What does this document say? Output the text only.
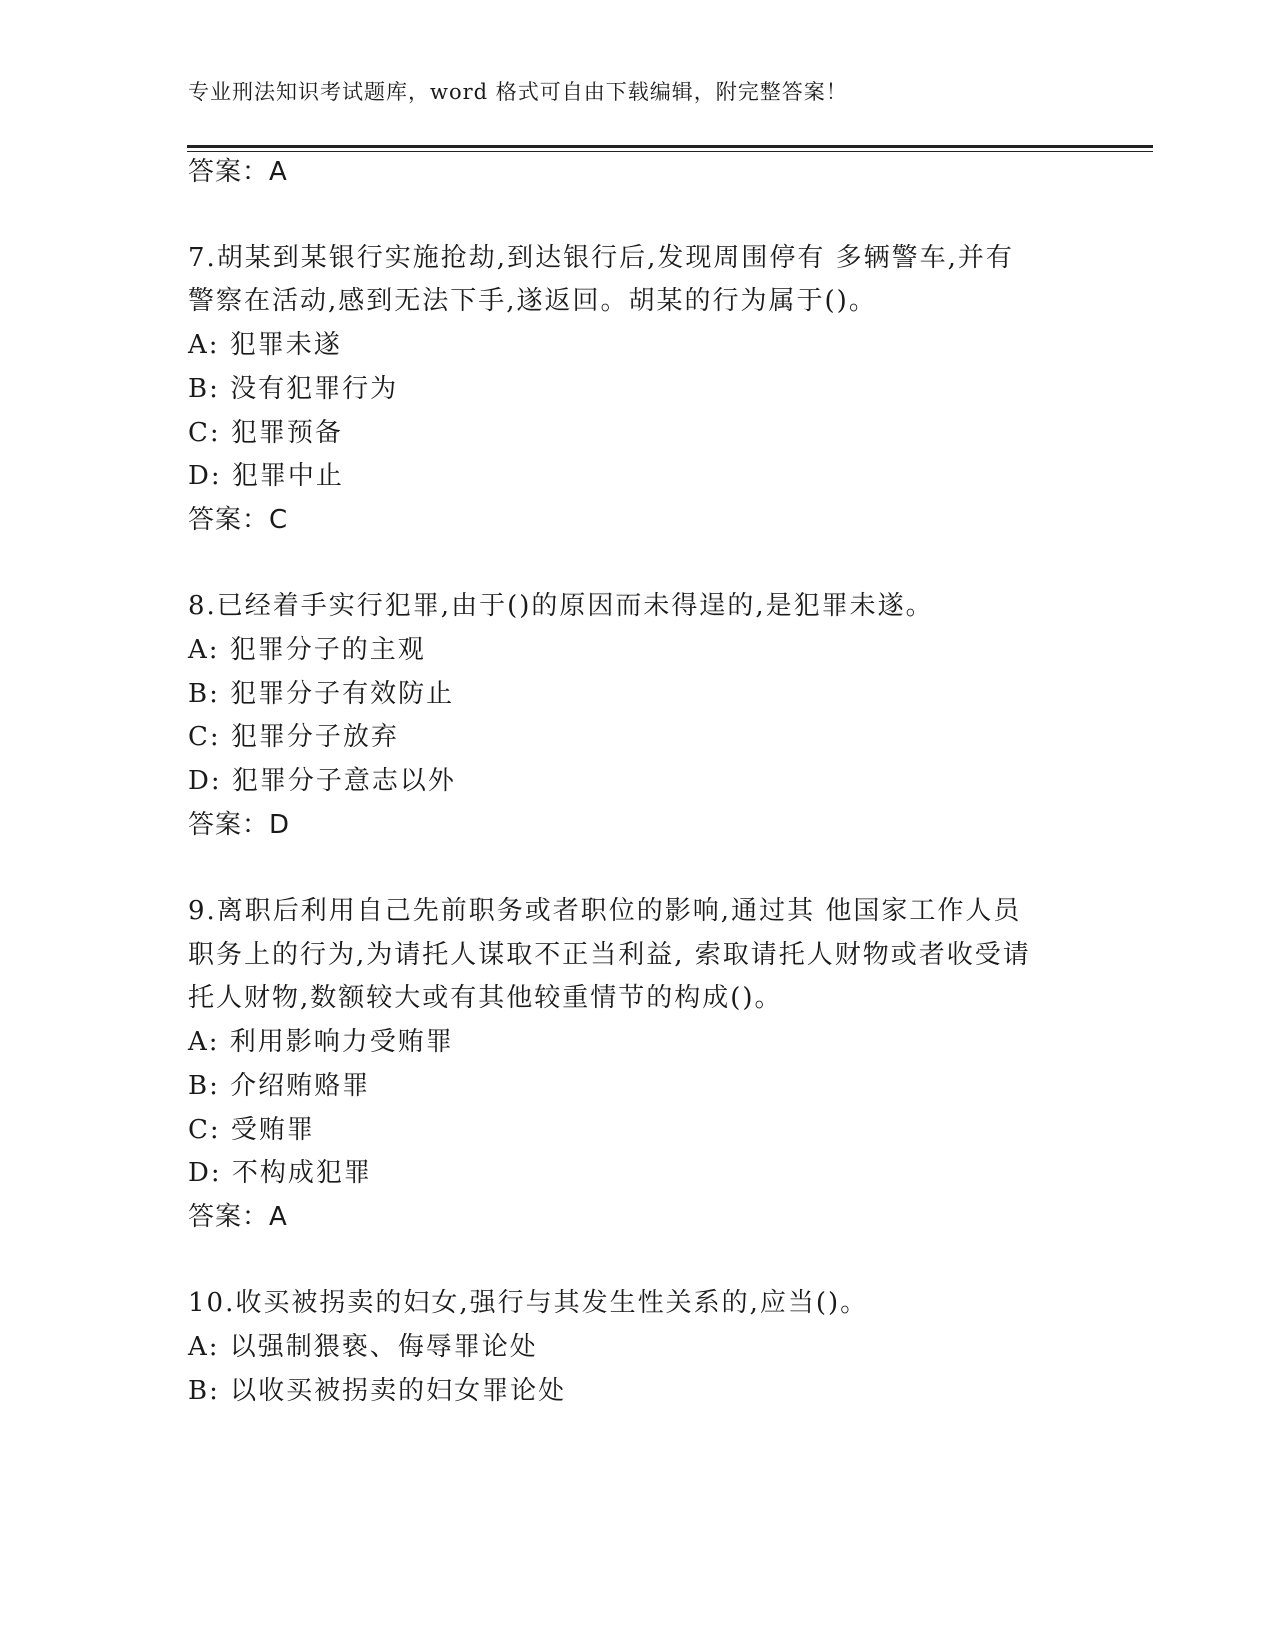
专业刑法知识考试题库，word 格式可自由下载编辑，附完整答案！
答案：A
7.胡某到某银行实施抢劫,到达银行后,发现周围停有 多辆警车,并有
警察在活动,感到无法下手,遂返回。胡某的行为属于()。
A: 犯罪未遂
B: 没有犯罪行为
C: 犯罪预备
D: 犯罪中止
答案：C
8.已经着手实行犯罪,由于()的原因而未得逞的,是犯罪未遂。
A: 犯罪分子的主观
B: 犯罪分子有效防止
C: 犯罪分子放弃
D: 犯罪分子意志以外
答案：D
9.离职后利用自己先前职务或者职位的影响,通过其 他国家工作人员
职务上的行为,为请托人谋取不正当利益, 索取请托人财物或者收受请
托人财物,数额较大或有其他较重情节的构成()。
A: 利用影响力受贿罪
B: 介绍贿赂罪
C: 受贿罪
D: 不构成犯罪
答案：A
10.收买被拐卖的妇女,强行与其发生性关系的,应当()。
A: 以强制猥亵、侮辱罪论处
B: 以收买被拐卖的妇女罪论处
